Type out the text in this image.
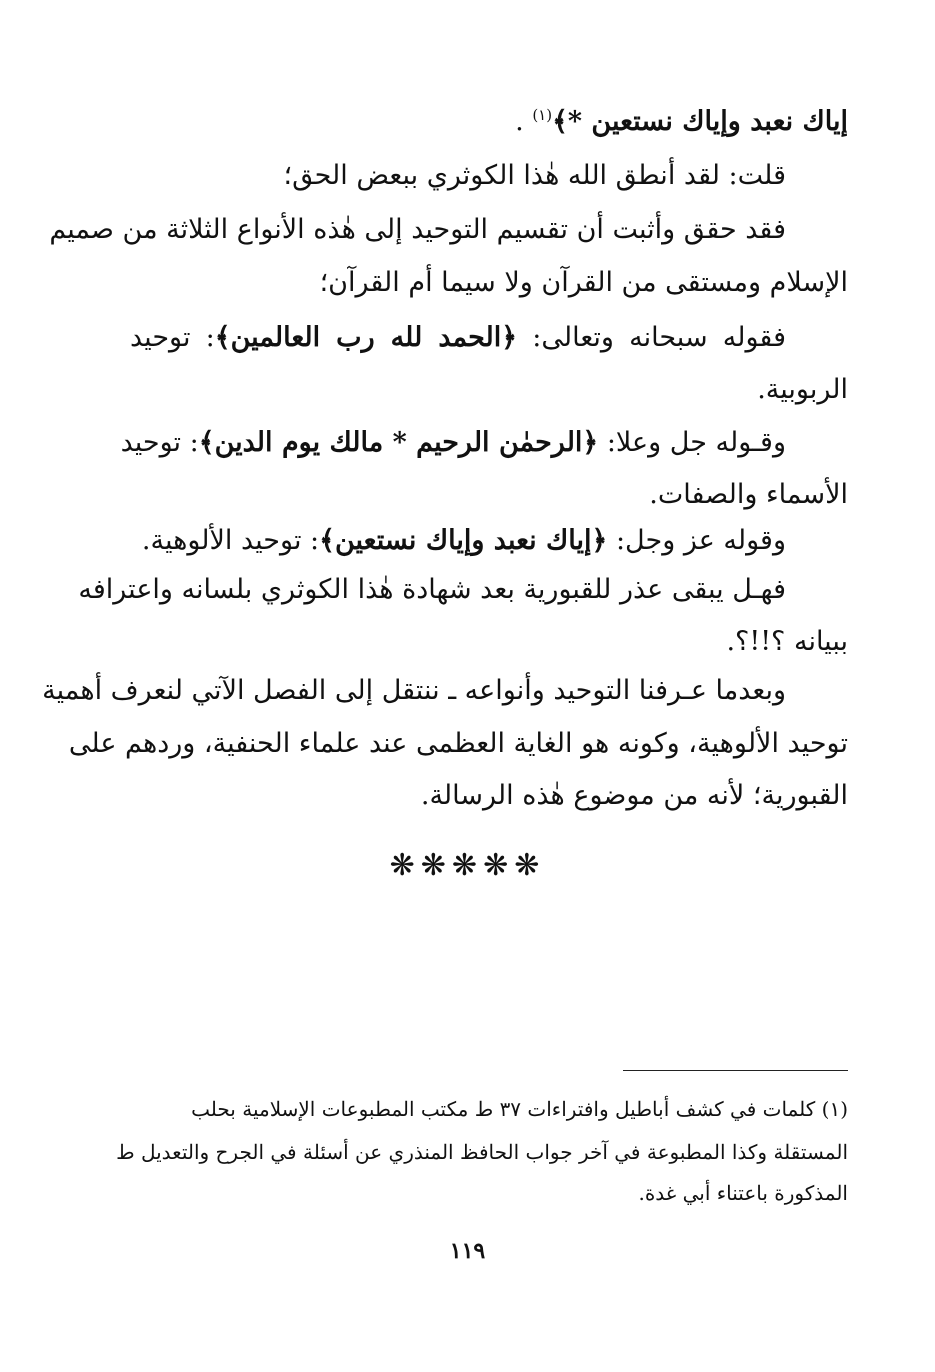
إياك نعبد وإياك نستعين *﴾$^{(١)}$ .
قلت: لقد أنطق الله هٰذا الكوثري ببعض الحق؛
فقد حقق وأثبت أن تقسيم التوحيد إلى هٰذه الأنواع الثلاثة من صميم
الإسلام ومستقى من القرآن ولا سيما أم القرآن؛
فقوله سبحانه وتعالى: ﴿الحمد لله رب العالمين﴾: توحيد
الربوبية.
وقـوله جل وعلا: ﴿الرحمٰن الرحيم * مالك يوم الدين﴾: توحيد
الأسماء والصفات.
وقوله عز وجل: ﴿إياك نعبد وإياك نستعين﴾: توحيد الألوهية.
فهـل يبقى عذر للقبورية بعد شهادة هٰذا الكوثري بلسانه واعترافه
ببيانه ؟!!؟.
وبعدما عـرفنا التوحيد وأنواعه ـ ننتقل إلى الفصل الآتي لنعرف أهمية
توحيد الألوهية، وكونه هو الغاية العظمى عند علماء الحنفية، وردهم على
القبورية؛ لأنه من موضوع هٰذه الرسالة.
❋❋❋❋❋
(١) كلمات في كشف أباطيل وافتراءات ٣٧ ط مكتب المطبوعات الإسلامية بحلب
المستقلة وكذا المطبوعة في آخر جواب الحافظ المنذري عن أسئلة في الجرح والتعديل ط
المذكورة باعتناء أبي غدة.
١١٩
